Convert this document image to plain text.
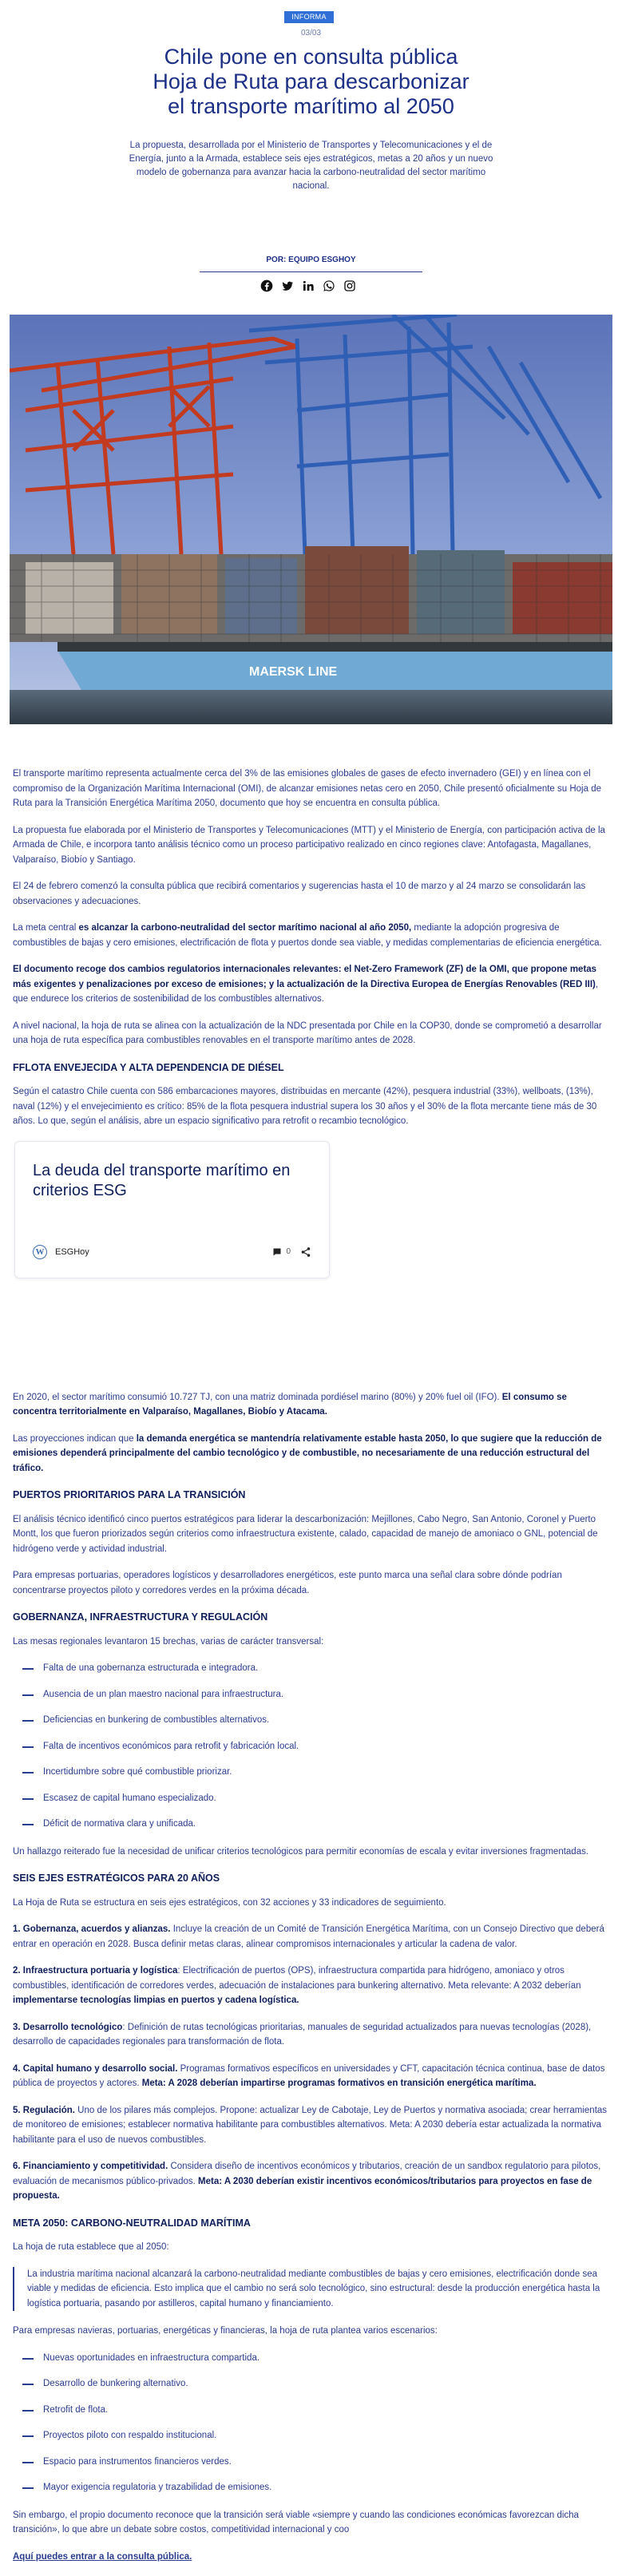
INFORMA
03/03
Chile pone en consulta pública
Hoja de Ruta para descarbonizar
el transporte marítimo al 2050

La propuesta, desarrollada por el Ministerio de Transportes y Telecomunicaciones y el de Energía, junto a la Armada, establece seis ejes estratégicos, metas a 20 años y un nuevo modelo de gobernanza para avanzar hacia la carbono-neutralidad del sector marítimo nacional.

POR: EQUIPO ESGHOY
MAERSK LINE

El transporte marítimo representa actualmente cerca del 3% de las emisiones globales de gases de efecto invernadero (GEI) y en línea con el compromiso de la Organización Marítima Internacional (OMI), de alcanzar emisiones netas cero en 2050, Chile presentó oficialmente su Hoja de Ruta para la Transición Energética Marítima 2050, documento que hoy se encuentra en consulta pública.

La propuesta fue elaborada por el Ministerio de Transportes y Telecomunicaciones (MTT) y el Ministerio de Energía, con participación activa de la Armada de Chile, e incorpora tanto análisis técnico como un proceso participativo realizado en cinco regiones clave: Antofagasta, Magallanes, Valparaíso, Biobío y Santiago.

El 24 de febrero comenzó la consulta pública que recibirá comentarios y sugerencias hasta el 10 de marzo y al 24 marzo se consolidarán las observaciones y adecuaciones.

La meta central es alcanzar la carbono-neutralidad del sector marítimo nacional al año 2050, mediante la adopción progresiva de combustibles de bajas y cero emisiones, electrificación de flota y puertos donde sea viable, y medidas complementarias de eficiencia energética.

El documento recoge dos cambios regulatorios internacionales relevantes: el Net-Zero Framework (ZF) de la OMI, que propone metas más exigentes y penalizaciones por exceso de emisiones; y la actualización de la Directiva Europea de Energías Renovables (RED III), que endurece los criterios de sostenibilidad de los combustibles alternativos.

A nivel nacional, la hoja de ruta se alinea con la actualización de la NDC presentada por Chile en la COP30, donde se comprometió a desarrollar una hoja de ruta específica para combustibles renovables en el transporte marítimo antes de 2028.

FFLOTA ENVEJECIDA Y ALTA DEPENDENCIA DE DIÉSEL

Según el catastro Chile cuenta con 586 embarcaciones mayores, distribuidas en mercante (42%), pesquera industrial (33%), wellboats, (13%), naval (12%) y el envejecimiento es crítico: 85% de la flota pesquera industrial supera los 30 años y el 30% de la flota mercante tiene más de 30 años. Lo que, según el análisis, abre un espacio significativo para retrofit o recambio tecnológico.

La deuda del transporte marítimo en criterios ESG
W	ESGHoy	0

En 2020, el sector marítimo consumió 10.727 TJ, con una matriz dominada pordiésel marino (80%) y 20% fuel oil (IFO). El consumo se concentra territorialmente en Valparaíso, Magallanes, Biobío y Atacama.

Las proyecciones indican que la demanda energética se mantendría relativamente estable hasta 2050, lo que sugiere que la reducción de emisiones dependerá principalmente del cambio tecnológico y de combustible, no necesariamente de una reducción estructural del tráfico.

PUERTOS PRIORITARIOS PARA LA TRANSICIÓN

El análisis técnico identificó cinco puertos estratégicos para liderar la descarbonización: Mejillones, Cabo Negro, San Antonio, Coronel y Puerto Montt, los que fueron priorizados según criterios como infraestructura existente, calado, capacidad de manejo de amoniaco o GNL, potencial de hidrógeno verde y actividad industrial.

Para empresas portuarias, operadores logísticos y desarrolladores energéticos, este punto marca una señal clara sobre dónde podrían concentrarse proyectos piloto y corredores verdes en la próxima década.

GOBERNANZA, INFRAESTRUCTURA Y REGULACIÓN

Las mesas regionales levantaron 15 brechas, varias de carácter transversal:

Falta de una gobernanza estructurada e integradora.
Ausencia de un plan maestro nacional para infraestructura.
Deficiencias en bunkering de combustibles alternativos.
Falta de incentivos económicos para retrofit y fabricación local.
Incertidumbre sobre qué combustible priorizar.
Escasez de capital humano especializado.
Déficit de normativa clara y unificada.

Un hallazgo reiterado fue la necesidad de unificar criterios tecnológicos para permitir economías de escala y evitar inversiones fragmentadas.

SEIS EJES ESTRATÉGICOS PARA 20 AÑOS

La Hoja de Ruta se estructura en seis ejes estratégicos, con 32 acciones y 33 indicadores de seguimiento.

1. Gobernanza, acuerdos y alianzas. Incluye la creación de un Comité de Transición Energética Marítima, con un Consejo Directivo que deberá entrar en operación en 2028. Busca definir metas claras, alinear compromisos internacionales y articular la cadena de valor.

2. Infraestructura portuaria y logística: Electrificación de puertos (OPS), infraestructura compartida para hidrógeno, amoniaco y otros combustibles, identificación de corredores verdes, adecuación de instalaciones para bunkering alternativo. Meta relevante: A 2032 deberían implementarse tecnologías limpias en puertos y cadena logística.

3. Desarrollo tecnológico: Definición de rutas tecnológicas prioritarias, manuales de seguridad actualizados para nuevas tecnologías (2028), desarrollo de capacidades regionales para transformación de flota.

4. Capital humano y desarrollo social. Programas formativos específicos en universidades y CFT, capacitación técnica continua, base de datos pública de proyectos y actores. Meta: A 2028 deberían impartirse programas formativos en transición energética marítima.

5. Regulación. Uno de los pilares más complejos. Propone: actualizar Ley de Cabotaje, Ley de Puertos y normativa asociada; crear herramientas de monitoreo de emisiones; establecer normativa habilitante para combustibles alternativos. Meta: A 2030 debería estar actualizada la normativa habilitante para el uso de nuevos combustibles.

6. Financiamiento y competitividad. Considera diseño de incentivos económicos y tributarios, creación de un sandbox regulatorio para pilotos, evaluación de mecanismos público-privados. Meta: A 2030 deberían existir incentivos económicos/tributarios para proyectos en fase de propuesta.

META 2050: CARBONO-NEUTRALIDAD MARÍTIMA

La hoja de ruta establece que al 2050:

La industria marítima nacional alcanzará la carbono-neutralidad mediante combustibles de bajas y cero emisiones, electrificación donde sea viable y medidas de eficiencia. Esto implica que el cambio no será solo tecnológico, sino estructural: desde la producción energética hasta la logística portuaria, pasando por astilleros, capital humano y financiamiento.

Para empresas navieras, portuarias, energéticas y financieras, la hoja de ruta plantea varios escenarios:

Nuevas oportunidades en infraestructura compartida.
Desarrollo de bunkering alternativo.
Retrofit de flota.
Proyectos piloto con respaldo institucional.
Espacio para instrumentos financieros verdes.
Mayor exigencia regulatoria y trazabilidad de emisiones.

Sin embargo, el propio documento reconoce que la transición será viable «siempre y cuando las condiciones económicas favorezcan dicha transición», lo que abre un debate sobre costos, competitividad internacional y coo

Aquí puedes entrar a la consulta pública.
